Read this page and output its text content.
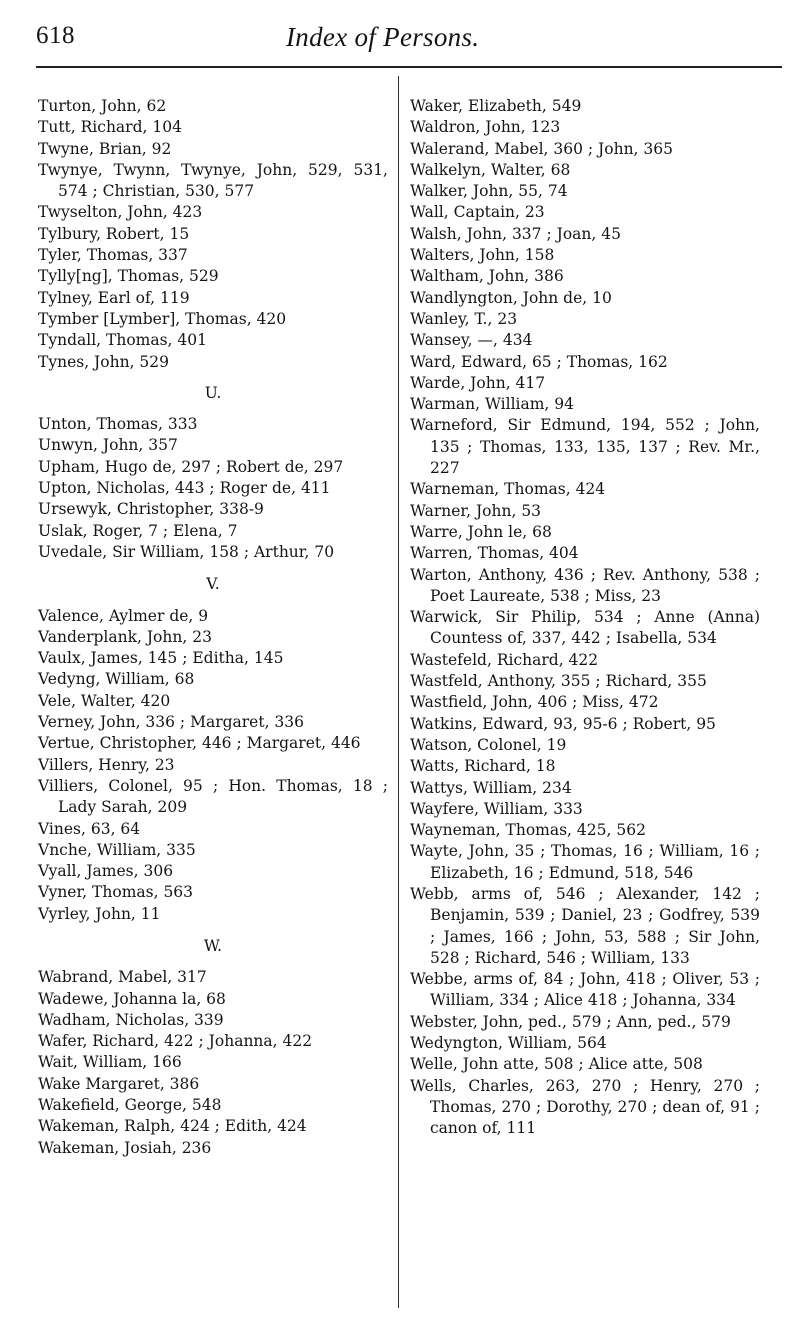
618	Index of Persons.
Turton, John, 62
Tutt, Richard, 104
Twyne, Brian, 92
Twynye, Twynn, Twynye, John, 529, 531, 574 ; Christian, 530, 577
Twyselton, John, 423
Tylbury, Robert, 15
Tyler, Thomas, 337
Tylly[ng], Thomas, 529
Tylney, Earl of, 119
Tymber [Lymber], Thomas, 420
Tyndall, Thomas, 401
Tynes, John, 529
U.
Unton, Thomas, 333
Unwyn, John, 357
Upham, Hugo de, 297 ; Robert de, 297
Upton, Nicholas, 443 ; Roger de, 411
Ursewyk, Christopher, 338-9
Uslak, Roger, 7 ; Elena, 7
Uvedale, Sir William, 158 ; Arthur, 70
V.
Valence, Aylmer de, 9
Vanderplank, John, 23
Vaulx, James, 145 ; Editha, 145
Vedyng, William, 68
Vele, Walter, 420
Verney, John, 336 ; Margaret, 336
Vertue, Christopher, 446 ; Margaret, 446
Villers, Henry, 23
Villiers, Colonel, 95 ; Hon. Thomas, 18 ; Lady Sarah, 209
Vines, 63, 64
Vnche, William, 335
Vyall, James, 306
Vyner, Thomas, 563
Vyrley, John, 11
W.
Wabrand, Mabel, 317
Wadewe, Johanna la, 68
Wadham, Nicholas, 339
Wafer, Richard, 422 ; Johanna, 422
Wait, William, 166
Wake Margaret, 386
Wakefield, George, 548
Wakeman, Ralph, 424 ; Edith, 424
Wakeman, Josiah, 236
Waker, Elizabeth, 549
Waldron, John, 123
Walerand, Mabel, 360 ; John, 365
Walkelyn, Walter, 68
Walker, John, 55, 74
Wall, Captain, 23
Walsh, John, 337 ; Joan, 45
Walters, John, 158
Waltham, John, 386
Wandlyngton, John de, 10
Wanley, T., 23
Wansey, —, 434
Ward, Edward, 65 ; Thomas, 162
Warde, John, 417
Warman, William, 94
Warneford, Sir Edmund, 194, 552 ; John, 135 ; Thomas, 133, 135, 137 ; Rev. Mr., 227
Warneman, Thomas, 424
Warner, John, 53
Warre, John le, 68
Warren, Thomas, 404
Warton, Anthony, 436 ; Rev. Anthony, 538 ; Poet Laureate, 538 ; Miss, 23
Warwick, Sir Philip, 534 ; Anne (Anna) Countess of, 337, 442 ; Isabella, 534
Wastefeld, Richard, 422
Wastfeld, Anthony, 355 ; Richard, 355
Wastfield, John, 406 ; Miss, 472
Watkins, Edward, 93, 95-6 ; Robert, 95
Watson, Colonel, 19
Watts, Richard, 18
Wattys, William, 234
Wayfere, William, 333
Wayneman, Thomas, 425, 562
Wayte, John, 35 ; Thomas, 16 ; William, 16 ; Elizabeth, 16 ; Edmund, 518, 546
Webb, arms of, 546 ; Alexander, 142 ; Benjamin, 539 ; Daniel, 23 ; Godfrey, 539 ; James, 166 ; John, 53, 588 ; Sir John, 528 ; Richard, 546 ; William, 133
Webbe, arms of, 84 ; John, 418 ; Oliver, 53 ; William, 334 ; Alice 418 ; Johanna, 334
Webster, John, ped., 579 ; Ann, ped., 579
Wedyngton, William, 564
Welle, John atte, 508 ; Alice atte, 508
Wells, Charles, 263, 270 ; Henry, 270 ; Thomas, 270 ; Dorothy, 270 ; dean of, 91 ; canon of, 111
